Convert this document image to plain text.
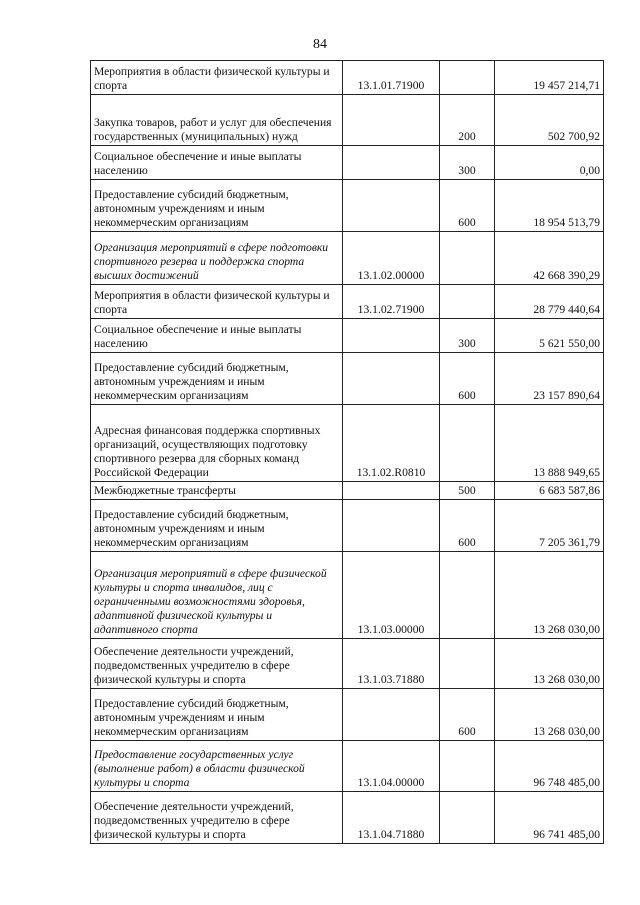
84
Мероприятия в области физической культуры и спорта	13.1.01.71900		19 457 214,71
Закупка товаров, работ и услуг для обеспечения государственных (муниципальных) нужд		200	502 700,92
Социальное обеспечение и иные выплаты населению		300	0,00
Предоставление субсидий бюджетным, автономным учреждениям и иным некоммерческим организациям		600	18 954 513,79
Организация мероприятий в сфере подготовки спортивного резерва и поддержка спорта высших достижений	13.1.02.00000		42 668 390,29
Мероприятия в области физической культуры и спорта	13.1.02.71900		28 779 440,64
Социальное обеспечение и иные выплаты населению		300	5 621 550,00
Предоставление субсидий бюджетным, автономным учреждениям и иным некоммерческим организациям		600	23 157 890,64
Адресная финансовая поддержка спортивных организаций, осуществляющих подготовку спортивного резерва для сборных команд Российской Федерации	13.1.02.R0810		13 888 949,65
Межбюджетные трансферты		500	6 683 587,86
Предоставление субсидий бюджетным, автономным учреждениям и иным некоммерческим организациям		600	7 205 361,79
Организация мероприятий в сфере физической культуры и спорта инвалидов, лиц с ограниченными возможностями здоровья, адаптивной физической культуры и адаптивного спорта	13.1.03.00000		13 268 030,00
Обеспечение деятельности учреждений, подведомственных учредителю в сфере физической культуры и спорта	13.1.03.71880		13 268 030,00
Предоставление субсидий бюджетным, автономным учреждениям и иным некоммерческим организациям		600	13 268 030,00
Предоставление государственных услуг (выполнение работ) в области физической культуры и спорта	13.1.04.00000		96 748 485,00
Обеспечение деятельности учреждений, подведомственных учредителю в сфере физической культуры и спорта	13.1.04.71880		96 741 485,00
